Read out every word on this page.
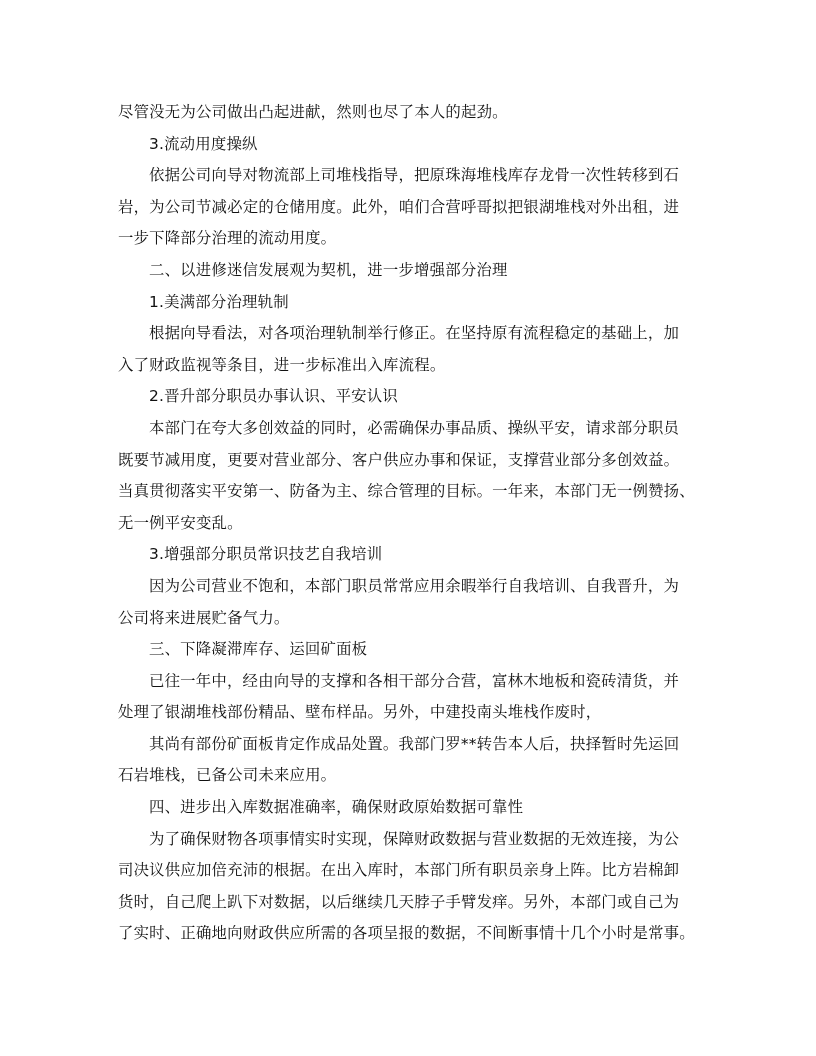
尽管没无为公司做出凸起进献，然则也尽了本人的起劲。
3.流动用度操纵
依据公司向导对物流部上司堆栈指导，把原珠海堆栈库存龙骨一次性转移到石
岩，为公司节减必定的仓储用度。此外，咱们合营呼哥拟把银湖堆栈对外出租，进
一步下降部分治理的流动用度。
二、以进修迷信发展观为契机，进一步增强部分治理
1.美满部分治理轨制
根据向导看法，对各项治理轨制举行修正。在坚持原有流程稳定的基础上，加
入了财政监视等条目，进一步标准出入库流程。
2.晋升部分职员办事认识、平安认识
本部门在夸大多创效益的同时，必需确保办事品质、操纵平安，请求部分职员
既要节减用度，更要对营业部分、客户供应办事和保证，支撑营业部分多创效益。
当真贯彻落实平安第一、防备为主、综合管理的目标。一年来，本部门无一例赞扬、
无一例平安变乱。
3.增强部分职员常识技艺自我培训
因为公司营业不饱和，本部门职员常常应用余暇举行自我培训、自我晋升，为
公司将来进展贮备气力。
三、下降凝滞库存、运回矿面板
已往一年中，经由向导的支撑和各相干部分合营，富林木地板和瓷砖清货，并
处理了银湖堆栈部份精品、壁布样品。另外，中建投南头堆栈作废时，
其尚有部份矿面板肯定作成品处置。我部门罗**转告本人后，抉择暂时先运回
石岩堆栈，已备公司未来应用。
四、进步出入库数据准确率，确保财政原始数据可靠性
为了确保财物各项事情实时实现，保障财政数据与营业数据的无效连接，为公
司决议供应加倍充沛的根据。在出入库时，本部门所有职员亲身上阵。比方岩棉卸
货时，自己爬上趴下对数据，以后继续几天脖子手臂发痒。另外，本部门或自己为
了实时、正确地向财政供应所需的各项呈报的数据，不间断事情十几个小时是常事。
